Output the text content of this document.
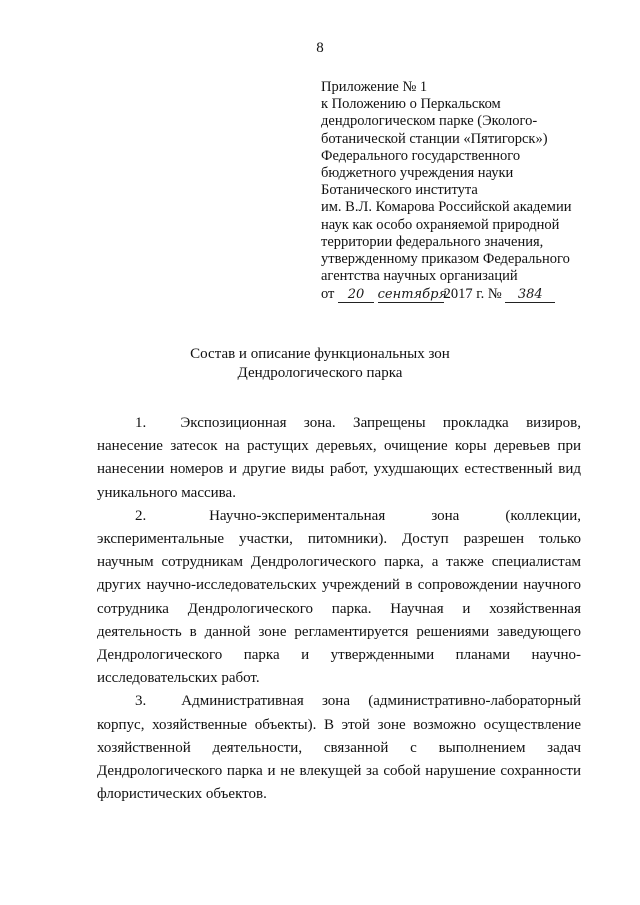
8
Приложение № 1
к Положению о Перкальском
дендрологическом парке (Эколого-
ботанической станции «Пятигорск»)
Федерального государственного
бюджетного учреждения науки
Ботанического института
им. В.Л. Комарова Российской академии
наук как особо охраняемой природной
территории федерального значения,
утвержденному приказом Федерального
агентства научных организаций
от 20 сентября2017 г. № 384
Состав и описание функциональных зон
Дендрологического парка

1. Экспозиционная зона. Запрещены прокладка визиров, нанесение затесок на растущих деревьях, очищение коры деревьев при нанесении номеров и другие виды работ, ухудшающих естественный вид уникального массива.

2.	Научно-экспериментальная зона (коллекции, экспериментальные участки, питомники). Доступ разрешен только научным сотрудникам Дендрологического парка, а также специалистам других научно-исследовательских учреждений в сопровождении научного сотрудника Дендрологического парка. Научная и хозяйственная деятельность в данной зоне регламентируется решениями заведующего Дендрологического парка и утвержденными планами научно-исследовательских работ.

3. Административная зона (административно-лабораторный корпус, хозяйственные объекты). В этой зоне возможно осуществление хозяйственной деятельности, связанной с выполнением задач Дендрологического парка и не влекущей за собой нарушение сохранности флористических объектов.
